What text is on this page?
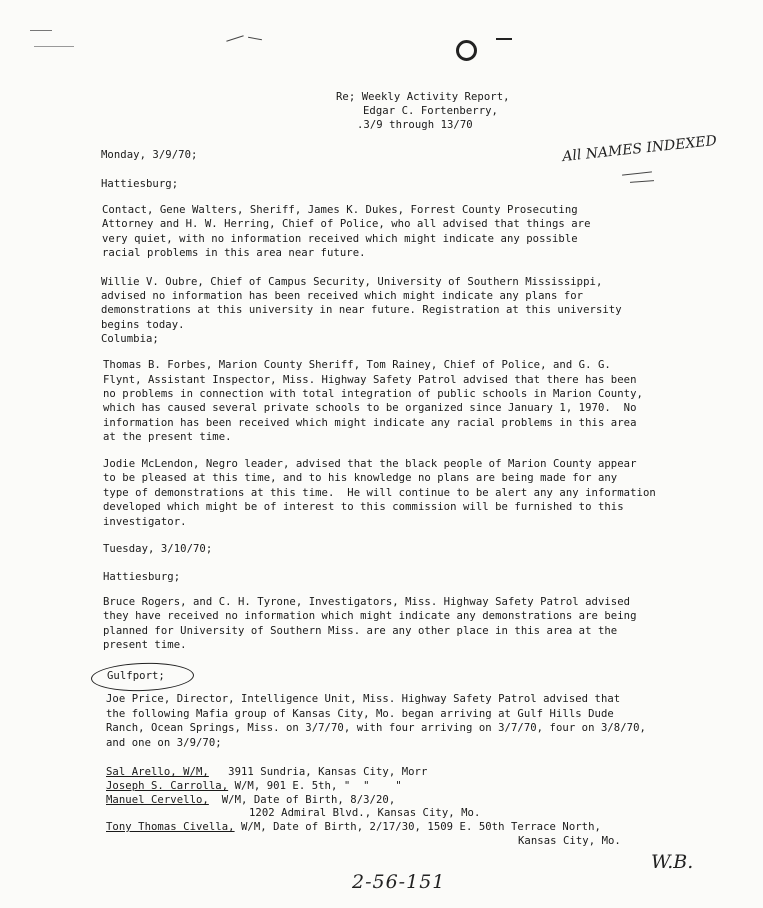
Re; Weekly Activity Report,
Edgar C. Fortenberry,
.3/9 through 13/70
All NAMES INDEXED
Monday, 3/9/70;
Hattiesburg;
Contact, Gene Walters, Sheriff, James K. Dukes, Forrest County Prosecuting
Attorney and H. W. Herring, Chief of Police, who all advised that things are
very quiet, with no information received which might indicate any possible
racial problems in this area near future.
Willie V. Oubre, Chief of Campus Security, University of Southern Mississippi,
advised no information has been received which might indicate any plans for
demonstrations at this university in near future. Registration at this university
begins today.
Columbia;
Thomas B. Forbes, Marion County Sheriff, Tom Rainey, Chief of Police, and G. G.
Flynt, Assistant Inspector, Miss. Highway Safety Patrol advised that there has been
no problems in connection with total integration of public schools in Marion County,
which has caused several private schools to be organized since January 1, 1970.  No
information has been received which might indicate any racial problems in this area
at the present time.
Jodie McLendon, Negro leader, advised that the black people of Marion County appear
to be pleased at this time, and to his knowledge no plans are being made for any
type of demonstrations at this time.  He will continue to be alert any any information
developed which might be of interest to this commission will be furnished to this
investigator.
Tuesday, 3/10/70;
Hattiesburg;
Bruce Rogers, and C. H. Tyrone, Investigators, Miss. Highway Safety Patrol advised
they have received no information which might indicate any demonstrations are being
planned for University of Southern Miss. are any other place in this area at the
present time.
Gulfport;
Joe Price, Director, Intelligence Unit, Miss. Highway Safety Patrol advised that
the following Mafia group of Kansas City, Mo. began arriving at Gulf Hills Dude
Ranch, Ocean Springs, Miss. on 3/7/70, with four arriving on 3/7/70, four on 3/8/70,
and one on 3/9/70;
Sal Arello, W/M,   3911 Sundria, Kansas City, Morr
Joseph S. Carrolla, W/M, 901 E. 5th, "  "    "
Manuel Cervello,  W/M, Date of Birth, 8/3/20,
1202 Admiral Blvd., Kansas City, Mo.
Tony Thomas Civella, W/M, Date of Birth, 2/17/30, 1509 E. 50th Terrace North,
Kansas City, Mo.
W.B.
2-56-151
